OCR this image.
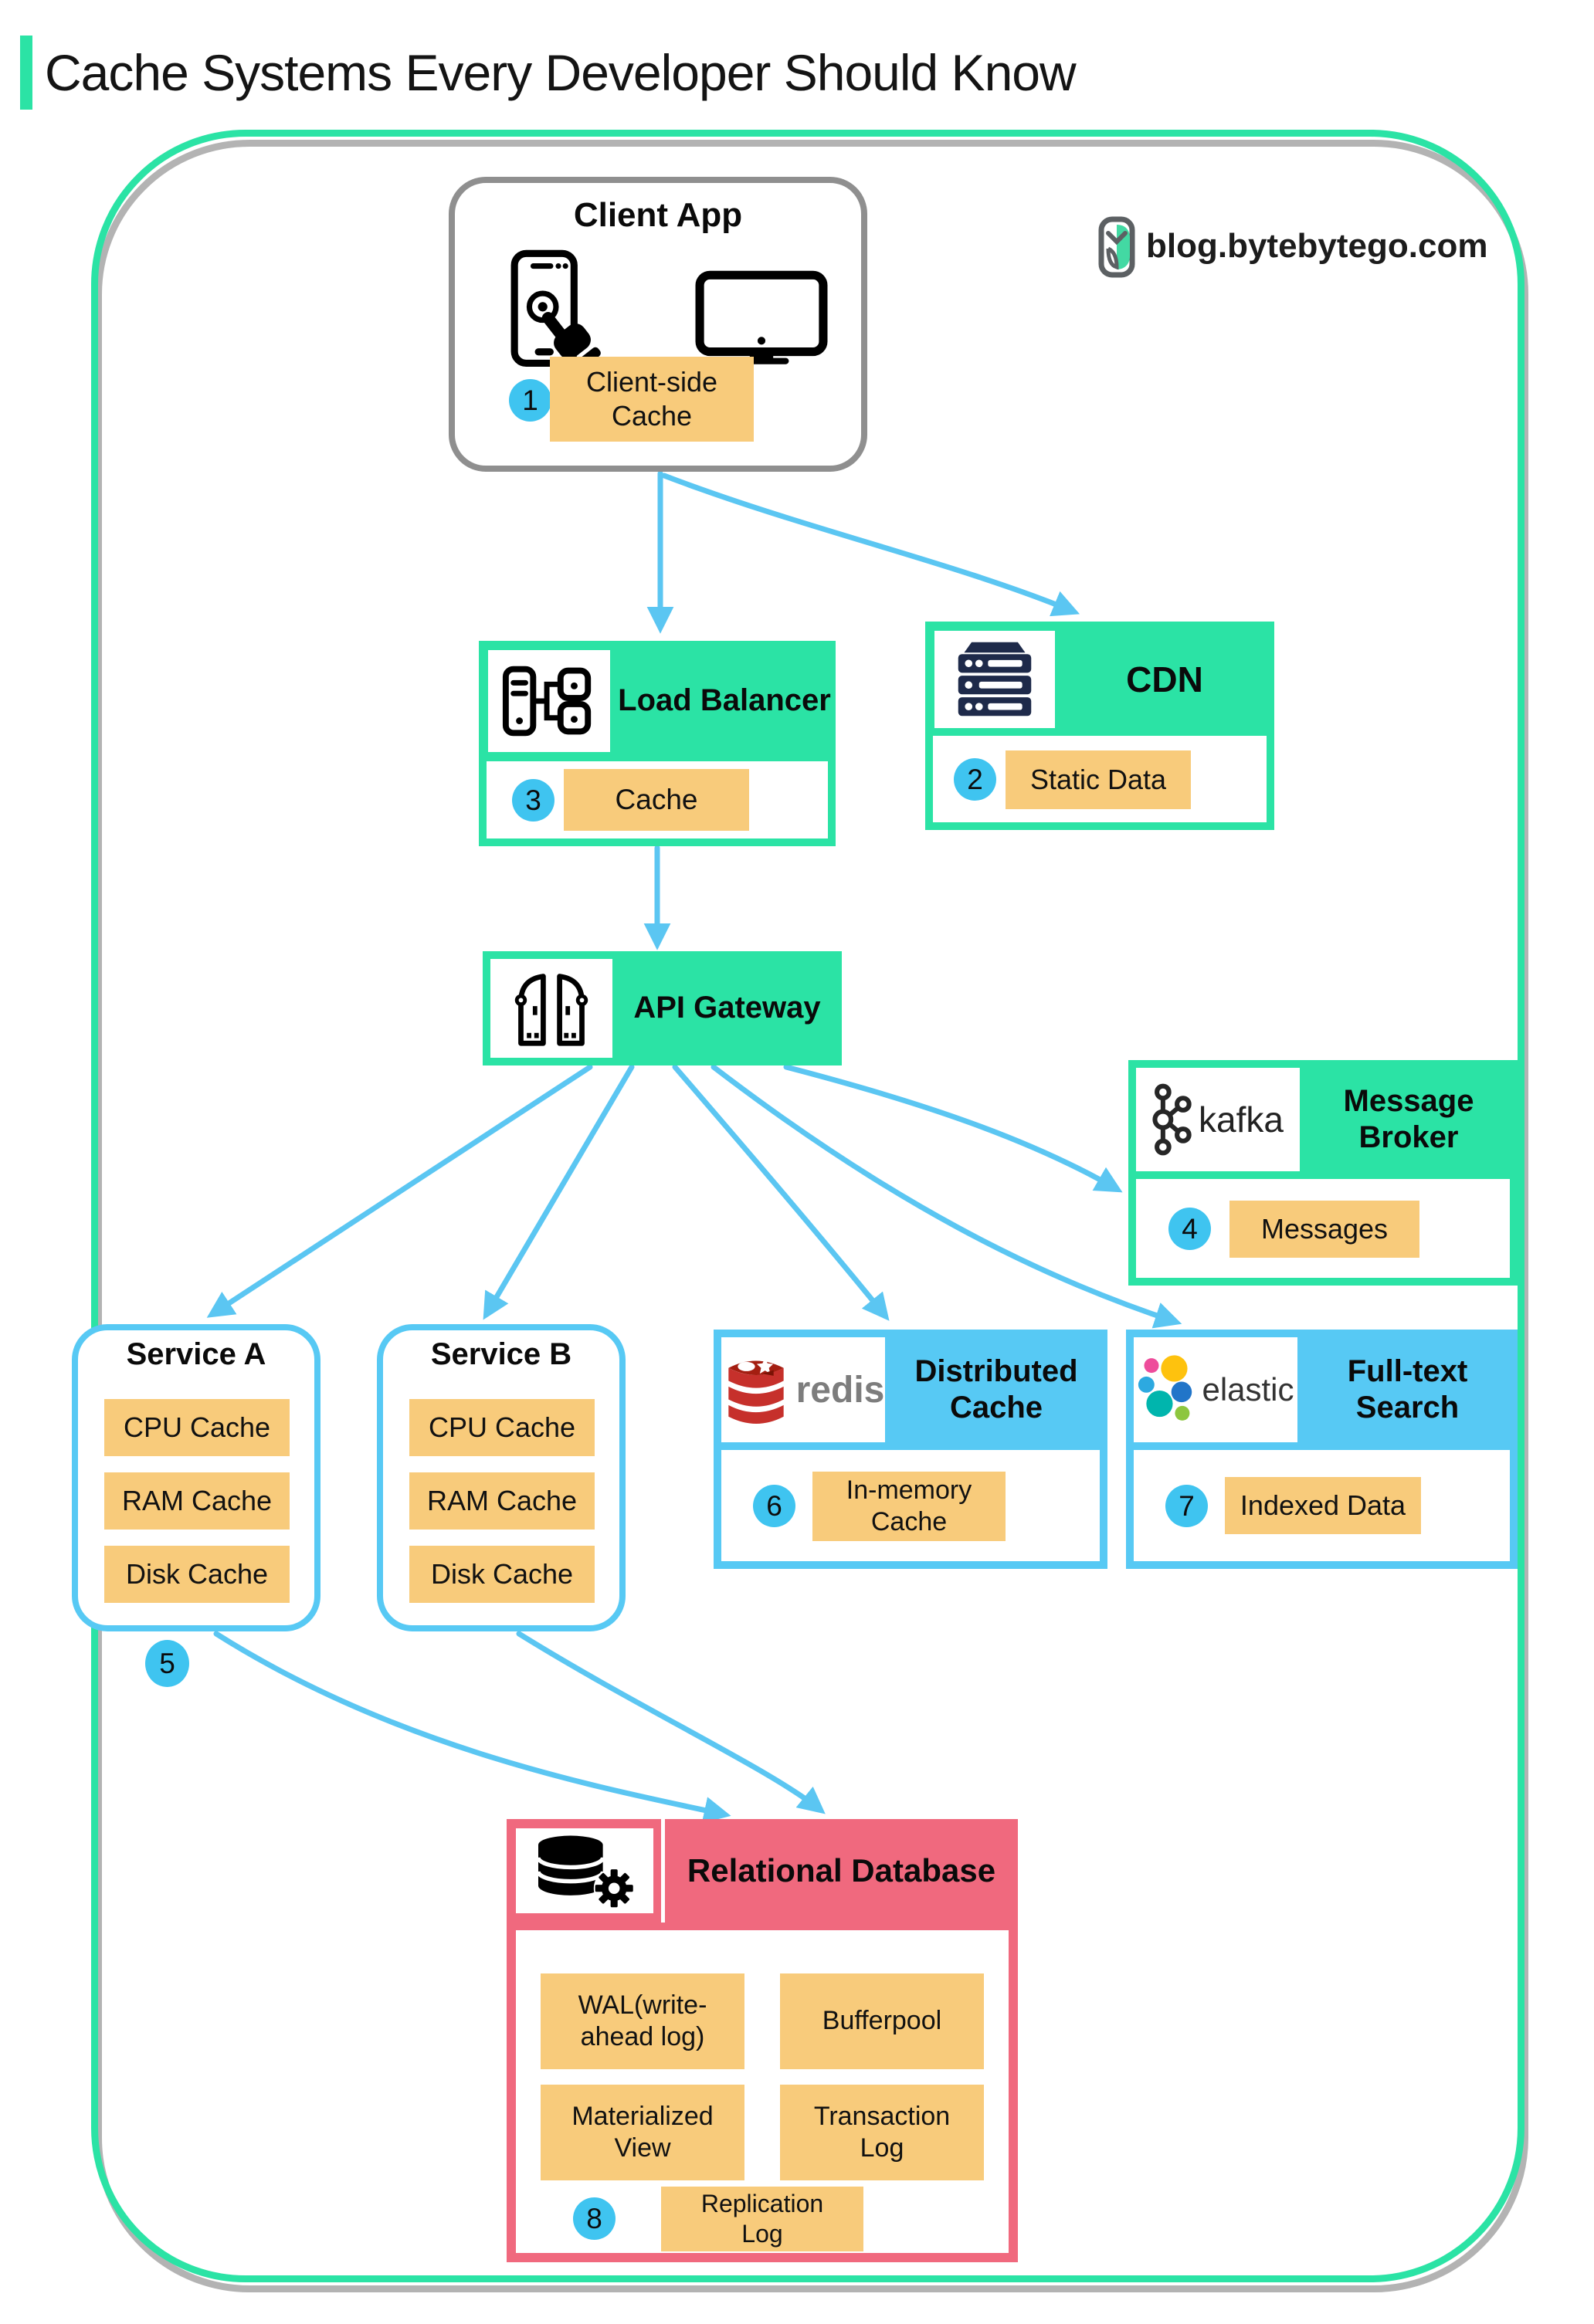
Cache Systems Every Developer Should Know
blog.bytebytego.com
Client App
1
Client-side Cache
Load Balancer
3	Cache
CDN
2	Static Data
API Gateway
kafka	Message Broker
4	Messages
Service A
CPU Cache
RAM Cache
Disk Cache
Service B
CPU Cache
RAM Cache
Disk Cache
5
redis Distributed Cache
6	In-memory Cache
elastic
Full-text Search
7	Indexed Data
Relational Database
WAL(write-ahead log)
Bufferpool
Materialized View
Transaction Log
Replication Log
8
